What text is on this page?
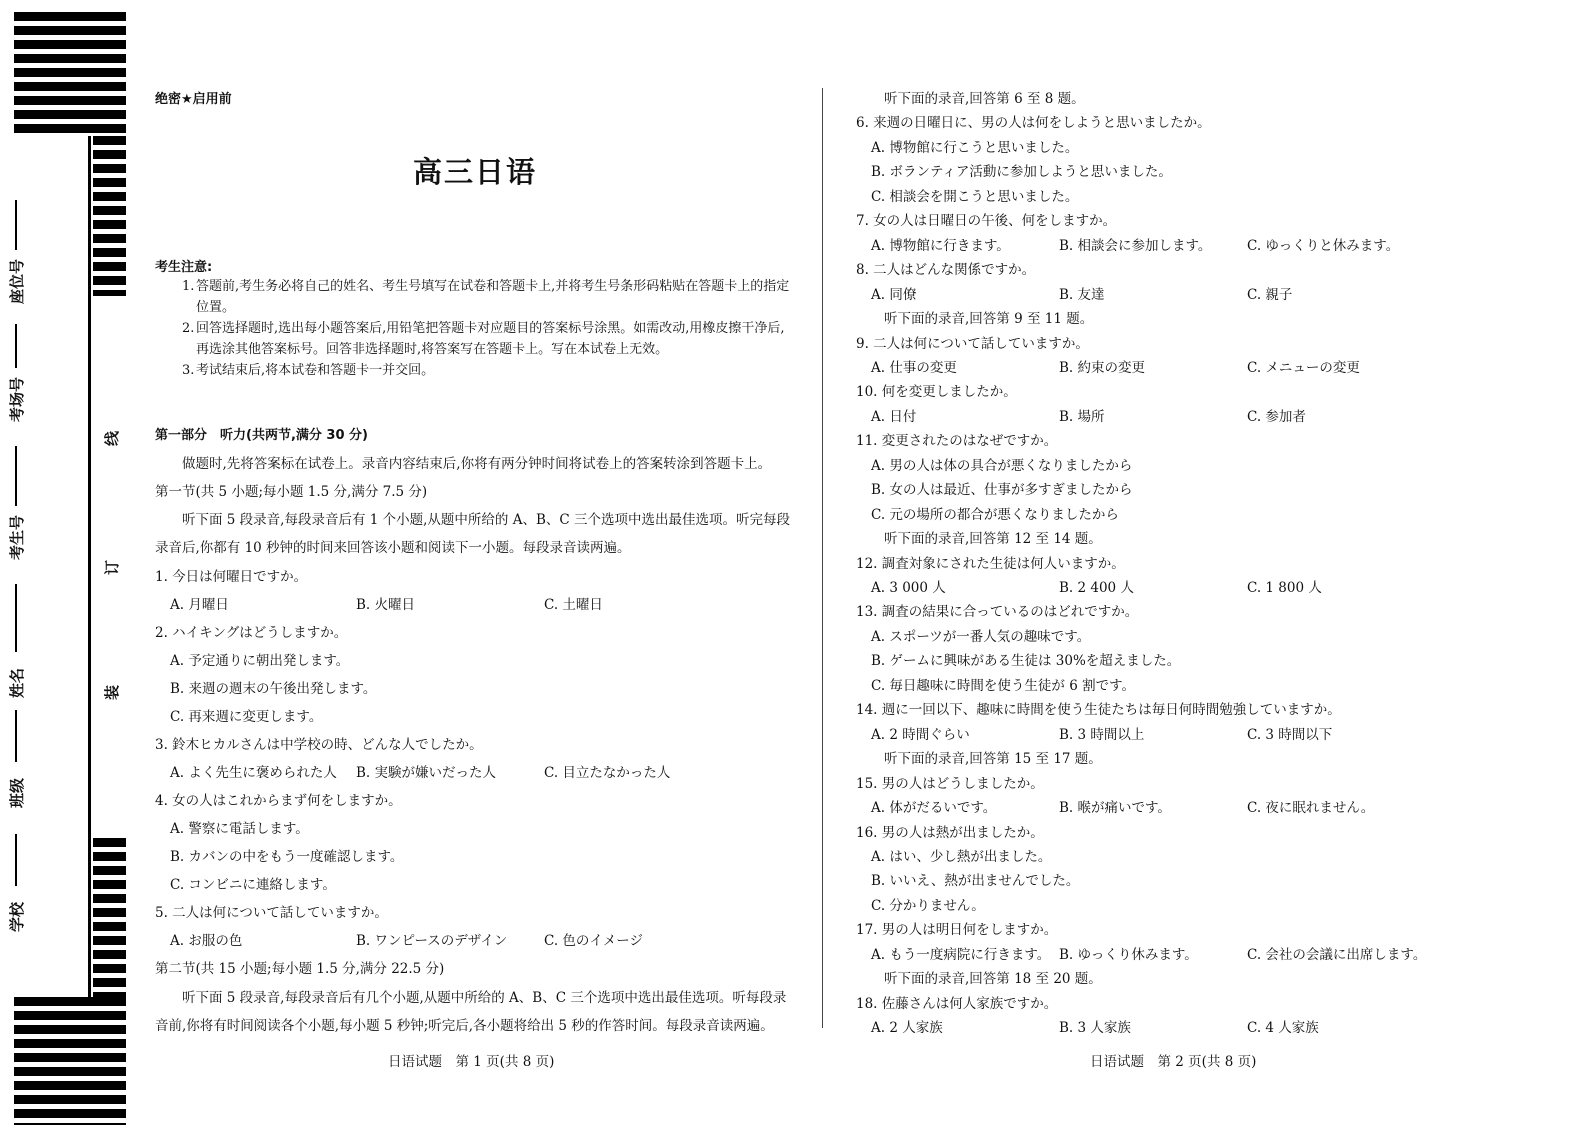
学校
班级
姓名
考生号
考场号
座位号
装
订
线
绝密★启用前
高三日语
考生注意:
1. 答题前,考生务必将自己的姓名、考生号填写在试卷和答题卡上,并将考生号条形码粘贴在答题卡上的指定位置。
2. 回答选择题时,选出每小题答案后,用铅笔把答题卡对应题目的答案标号涂黑。如需改动,用橡皮擦干净后,再选涂其他答案标号。回答非选择题时,将答案写在答题卡上。写在本试卷上无效。
3. 考试结束后,将本试卷和答题卡一并交回。
第一部分　听力(共两节,满分 30 分)
做题时,先将答案标在试卷上。录音内容结束后,你将有两分钟时间将试卷上的答案转涂到答题卡上。
第一节(共 5 小题;每小题 1.5 分,满分 7.5 分)
听下面 5 段录音,每段录音后有 1 个小题,从题中所给的 A、B、C 三个选项中选出最佳选项。听完每段
录音后,你都有 10 秒钟的时间来回答该小题和阅读下一小题。每段录音读两遍。
1. 今日は何曜日ですか。
A. 月曜日	B. 火曜日	C. 土曜日
2. ハイキングはどうしますか。
A. 予定通りに朝出発します。
B. 来週の週末の午後出発します。
C. 再来週に変更します。
3. 鈴木ヒカルさんは中学校の時、どんな人でしたか。
A. よく先生に褒められた人 B. 実験が嫌いだった人	C. 目立たなかった人
4. 女の人はこれからまず何をしますか。
A. 警察に電話します。
B. カバンの中をもう一度確認します。
C. コンビニに連絡します。
5. 二人は何について話していますか。
A. お服の色	B. ワンピースのデザイン	C. 色のイメージ
第二节(共 15 小题;每小题 1.5 分,满分 22.5 分)
听下面 5 段录音,每段录音后有几个小题,从题中所给的 A、B、C 三个选项中选出最佳选项。听每段录
音前,你将有时间阅读各个小题,每小题 5 秒钟;听完后,各小题将给出 5 秒的作答时间。每段录音读两遍。
听下面的录音,回答第 6 至 8 题。
6. 来週の日曜日に、男の人は何をしようと思いましたか。
A. 博物館に行こうと思いました。
B. ボランティア活動に参加しようと思いました。
C. 相談会を開こうと思いました。
7. 女の人は日曜日の午後、何をしますか。
A. 博物館に行きます。	B. 相談会に参加します。	C. ゆっくりと休みます。
8. 二人はどんな関係ですか。
A. 同僚	B. 友達	C. 親子
听下面的录音,回答第 9 至 11 题。
9. 二人は何について話していますか。
A. 仕事の変更	B. 約束の変更	C. メニューの変更
10. 何を変更しましたか。
A. 日付	B. 場所	C. 参加者
11. 変更されたのはなぜですか。
A. 男の人は体の具合が悪くなりましたから
B. 女の人は最近、仕事が多すぎましたから
C. 元の場所の都合が悪くなりましたから
听下面的录音,回答第 12 至 14 题。
12. 調査対象にされた生徒は何人いますか。
A. 3 000 人	B. 2 400 人	C. 1 800 人
13. 調査の結果に合っているのはどれですか。
A. スポーツが一番人気の趣味です。
B. ゲームに興味がある生徒は 30%を超えました。
C. 毎日趣味に時間を使う生徒が 6 割です。
14. 週に一回以下、趣味に時間を使う生徒たちは毎日何時間勉強していますか。
A. 2 時間ぐらい	B. 3 時間以上	C. 3 時間以下
听下面的录音,回答第 15 至 17 题。
15. 男の人はどうしましたか。
A. 体がだるいです。	B. 喉が痛いです。	C. 夜に眠れません。
16. 男の人は熱が出ましたか。
A. はい、少し熱が出ました。
B. いいえ、熱が出ませんでした。
C. 分かりません。
17. 男の人は明日何をしますか。
A. もう一度病院に行きます。 B. ゆっくり休みます。	C. 会社の会議に出席します。
听下面的录音,回答第 18 至 20 题。
18. 佐藤さんは何人家族ですか。
A. 2 人家族	B. 3 人家族	C. 4 人家族
日语试题　第 1 页(共 8 页)	日语试题　第 2 页(共 8 页)
